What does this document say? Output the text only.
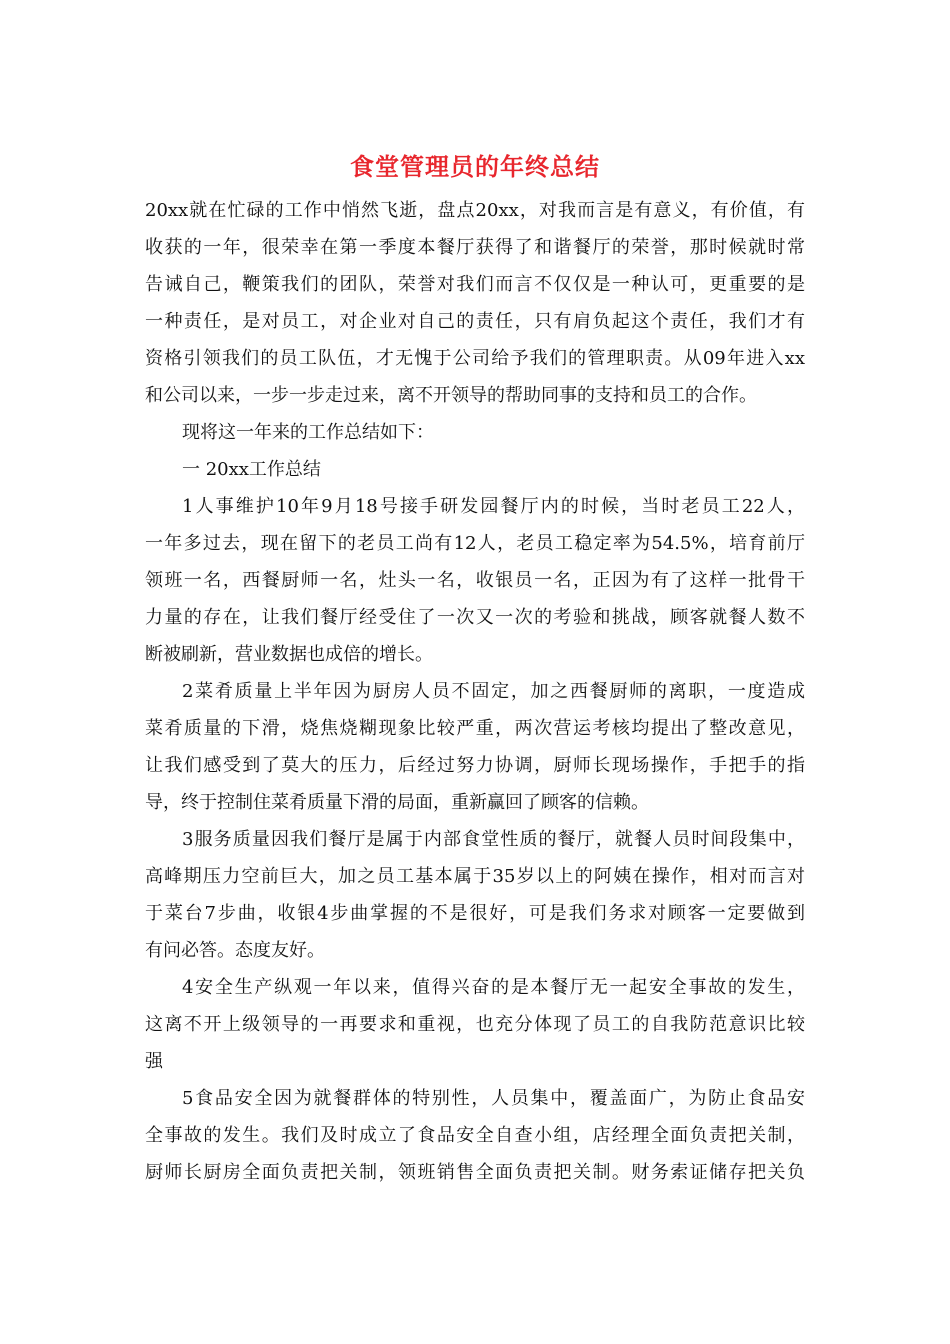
食堂管理员的年终总结
20xx就在忙碌的工作中悄然飞逝，盘点20xx，对我而言是有意义，有价值，有
收获的一年，很荣幸在第一季度本餐厅获得了和谐餐厅的荣誉，那时候就时常
告诫自己，鞭策我们的团队，荣誉对我们而言不仅仅是一种认可，更重要的是
一种责任，是对员工，对企业对自己的责任，只有肩负起这个责任，我们才有
资格引领我们的员工队伍，才无愧于公司给予我们的管理职责。从09年进入xx
和公司以来，一步一步走过来，离不开领导的帮助同事的支持和员工的合作。
现将这一年来的工作总结如下：
一 20xx工作总结
1人事维护10年9月18号接手研发园餐厅内的时候，当时老员工22人，
一年多过去，现在留下的老员工尚有12人，老员工稳定率为54.5%，培育前厅
领班一名，西餐厨师一名，灶头一名，收银员一名，正因为有了这样一批骨干
力量的存在，让我们餐厅经受住了一次又一次的考验和挑战，顾客就餐人数不
断被刷新，营业数据也成倍的增长。
2菜肴质量上半年因为厨房人员不固定，加之西餐厨师的离职，一度造成
菜肴质量的下滑，烧焦烧糊现象比较严重，两次营运考核均提出了整改意见，
让我们感受到了莫大的压力，后经过努力协调，厨师长现场操作，手把手的指
导，终于控制住菜肴质量下滑的局面，重新赢回了顾客的信赖。
3服务质量因我们餐厅是属于内部食堂性质的餐厅，就餐人员时间段集中，
高峰期压力空前巨大，加之员工基本属于35岁以上的阿姨在操作，相对而言对
于菜台7步曲，收银4步曲掌握的不是很好，可是我们务求对顾客一定要做到
有问必答。态度友好。
4安全生产纵观一年以来，值得兴奋的是本餐厅无一起安全事故的发生，
这离不开上级领导的一再要求和重视，也充分体现了员工的自我防范意识比较
强
5食品安全因为就餐群体的特别性，人员集中，覆盖面广，为防止食品安
全事故的发生。我们及时成立了食品安全自查小组，店经理全面负责把关制，
厨师长厨房全面负责把关制，领班销售全面负责把关制。财务索证储存把关负
